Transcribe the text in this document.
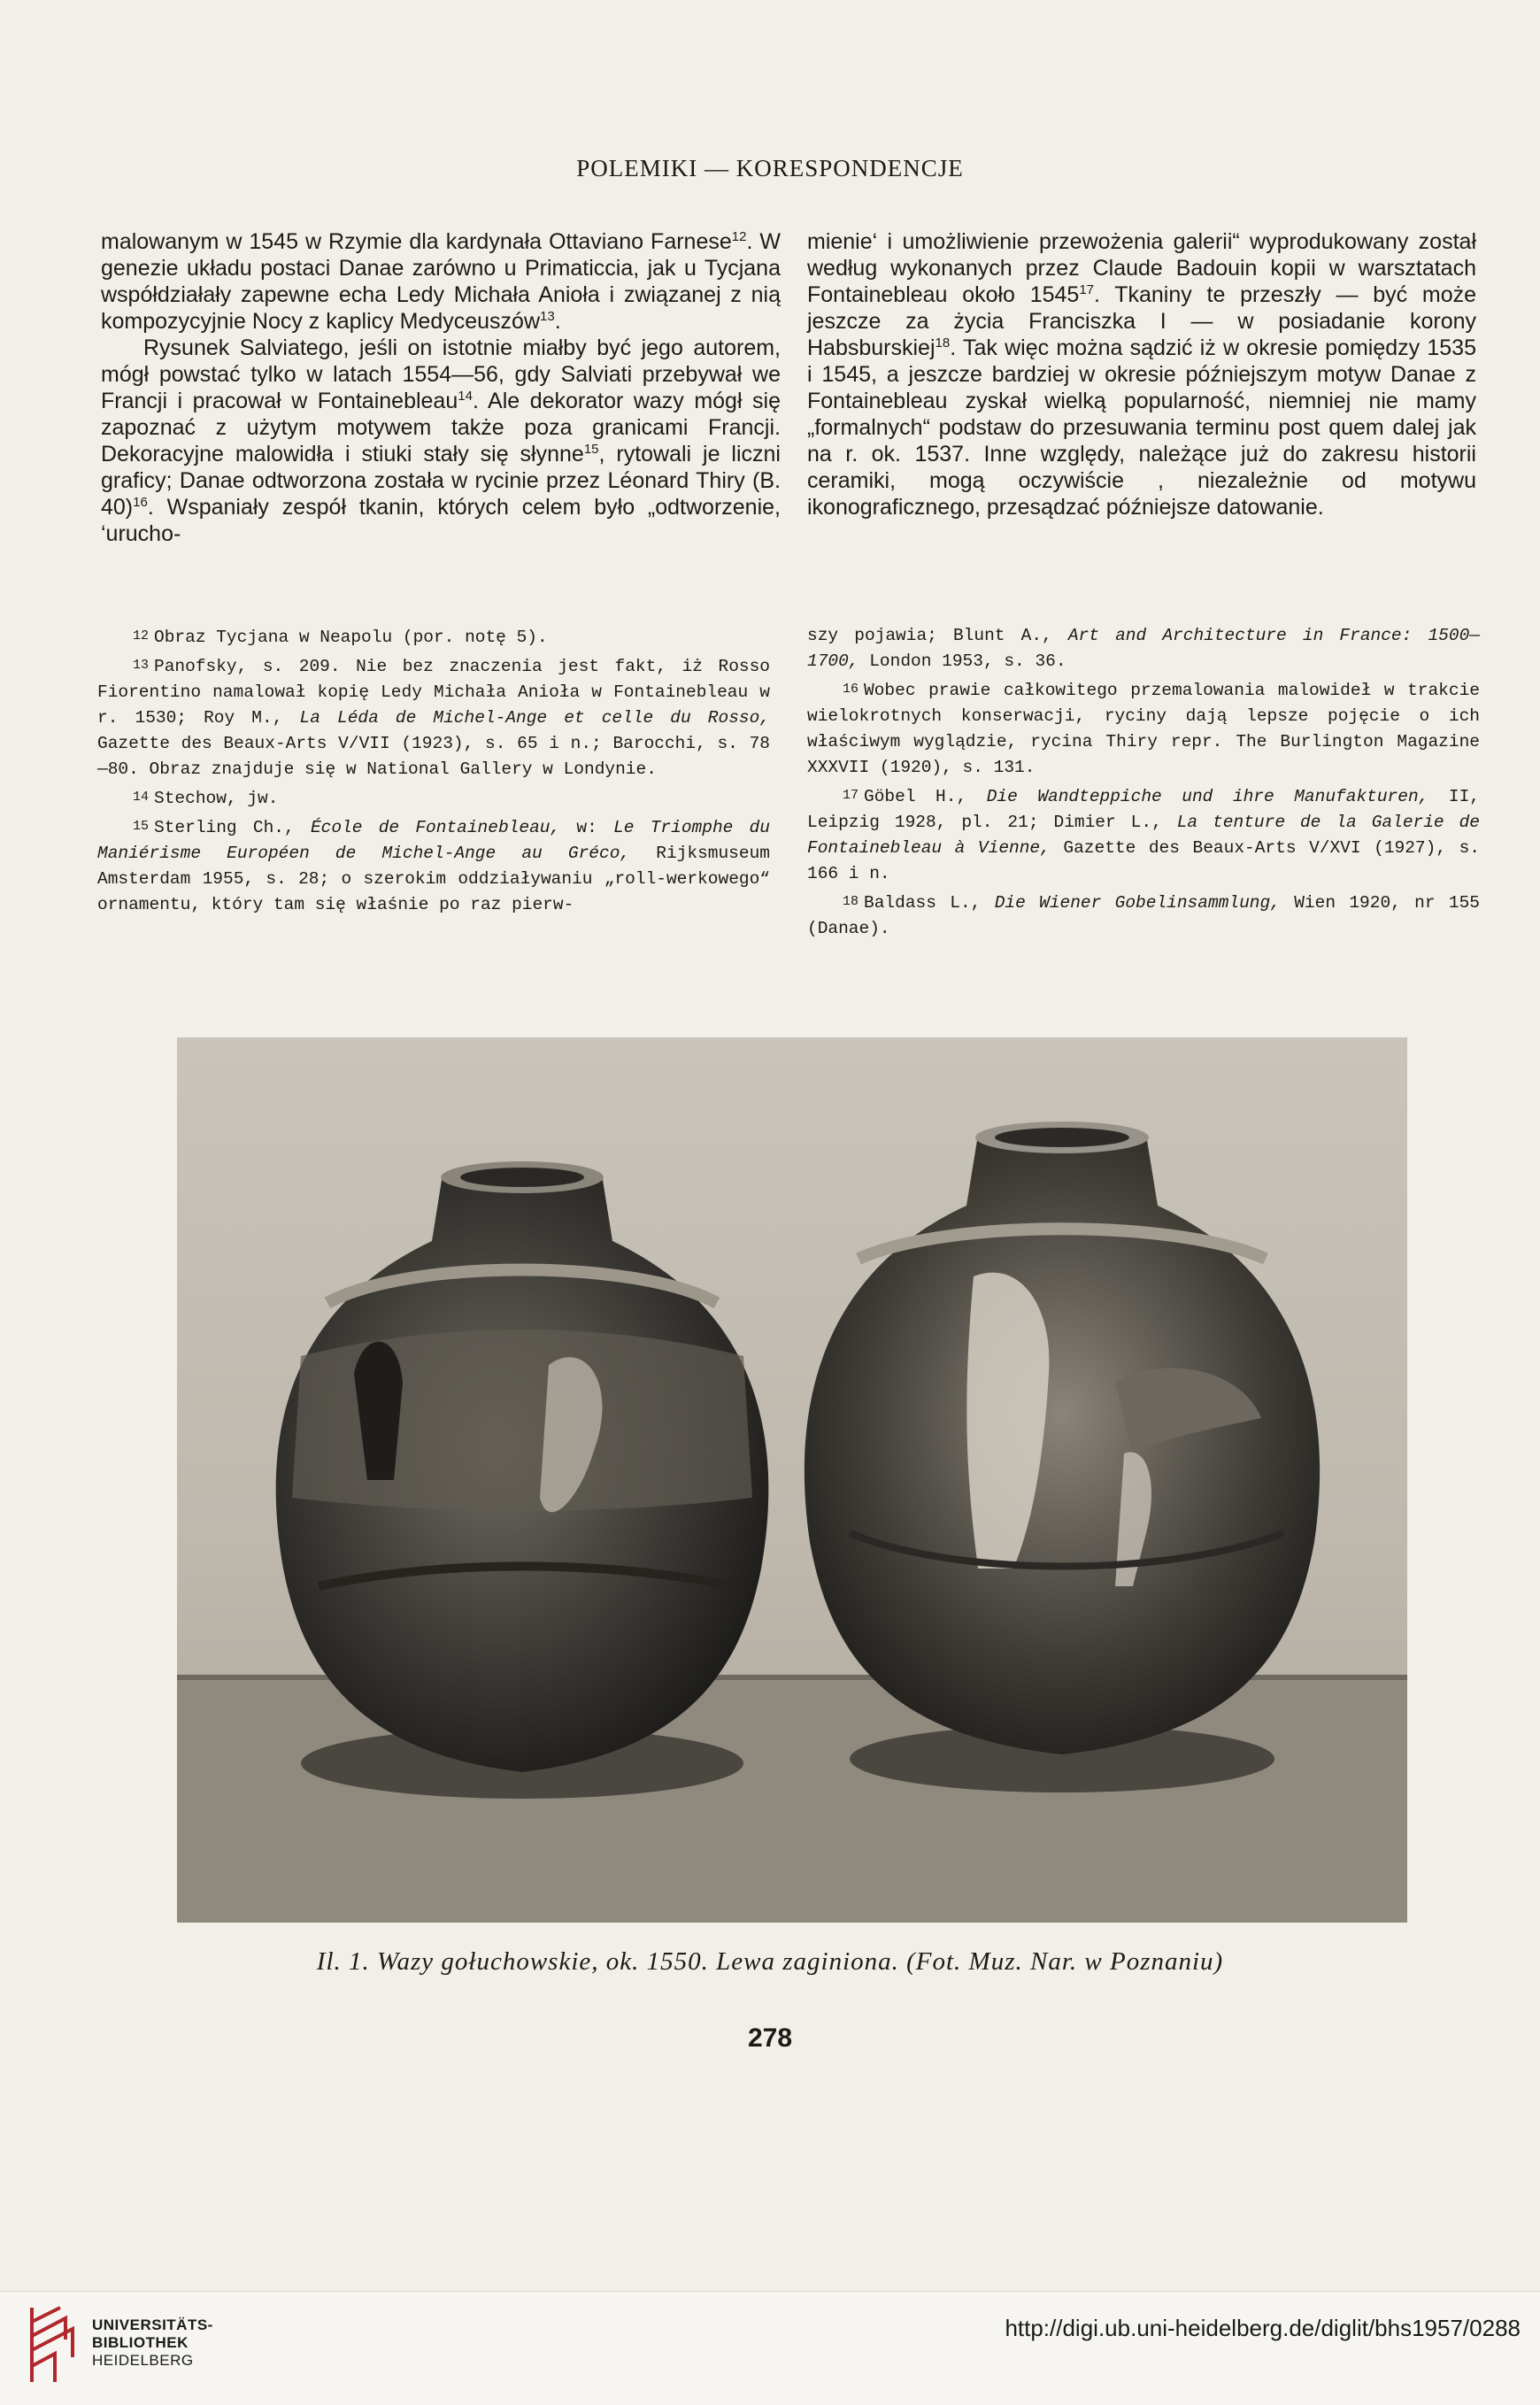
POLEMIKI — KORESPONDENCJE

malowanym w 1545 w Rzymie dla kardynała Ottaviano Farnese$^{12}$. W genezie układu postaci Danae zarówno u Primaticcia, jak u Tycjana współdziałały zapewne echa Ledy Michała Anioła i związanej z nią kompozycyjnie Nocy z kaplicy Medyceuszów$^{13}$.

Rysunek Salviatego, jeśli on istotnie miałby być jego autorem, mógł powstać tylko w latach 1554—56, gdy Salviati przebywał we Francji i pracował w Fontainebleau$^{14}$. Ale dekorator wazy mógł się zapoznać z użytym motywem także poza granicami Francji. Dekoracyjne malowidła i stiuki stały się słynne$^{15}$, rytowali je liczni graficy; Danae odtworzona została w rycinie przez Léonard Thiry (B. 40)$^{16}$. Wspaniały zespół tkanin, których celem było „odtworzenie, ‘urucho-

mienie‘ i umożliwienie przewożenia galerii“ wyprodukowany został według wykonanych przez Claude Badouin kopii w warsztatach Fontainebleau około 1545$^{17}$. Tkaniny te przeszły — być może jeszcze za życia Franciszka I — w posiadanie korony Habsburskiej$^{18}$. Tak więc można sądzić iż w okresie pomiędzy 1535 i 1545, a jeszcze bardziej w okresie późniejszym motyw Danae z Fontainebleau zyskał wielką popularność, niemniej nie mamy „formalnych“ podstaw do przesuwania terminu post quem dalej jak na r. ok. 1537. Inne względy, należące już do zakresu historii ceramiki, mogą oczywiście , niezależnie od motywu ikonograficznego, przesądzać późniejsze datowanie.

12 Obraz Tycjana w Neapolu (por. notę 5).

13 Panofsky, s. 209. Nie bez znaczenia jest fakt, iż Rosso Fiorentino namalował kopię Ledy Michała Anioła w Fontainebleau w r. 1530; Roy M., La Léda de Michel-Ange et celle du Rosso, Gazette des Beaux-Arts V/VII (1923), s. 65 i n.; Barocchi, s. 78—80. Obraz znajduje się w National Gallery w Londynie.

14 Stechow, jw.

15 Sterling Ch., École de Fontainebleau, w: Le Triomphe du Maniérisme Européen de Michel-Ange au Gréco, Rijksmuseum Amsterdam 1955, s. 28; o szerokim oddziaływaniu „roll-werkowego“ ornamentu, który tam się właśnie po raz pierw-

szy pojawia; Blunt A., Art and Architecture in France: 1500—1700, London 1953, s. 36.

16 Wobec prawie całkowitego przemalowania malowideł w trakcie wielokrotnych konserwacji, ryciny dają lepsze pojęcie o ich właściwym wyglądzie, rycina Thiry repr. The Burlington Magazine XXXVII (1920), s. 131.

17 Göbel H., Die Wandteppiche und ihre Manufakturen, II, Leipzig 1928, pl. 21; Dimier L., La tenture de la Galerie de Fontainebleau à Vienne, Gazette des Beaux-Arts V/XVI (1927), s. 166 i n.

18 Baldass L., Die Wiener Gobelinsammlung, Wien 1920, nr 155 (Danae).

Il. 1. Wazy gołuchowskie, ok. 1550. Lewa zaginiona. (Fot. Muz. Nar. w Poznaniu)
278
UNIVERSITÄTS-
BIBLIOTHEK
HEIDELBERG
http://digi.ub.uni-heidelberg.de/diglit/bhs1957/0288
